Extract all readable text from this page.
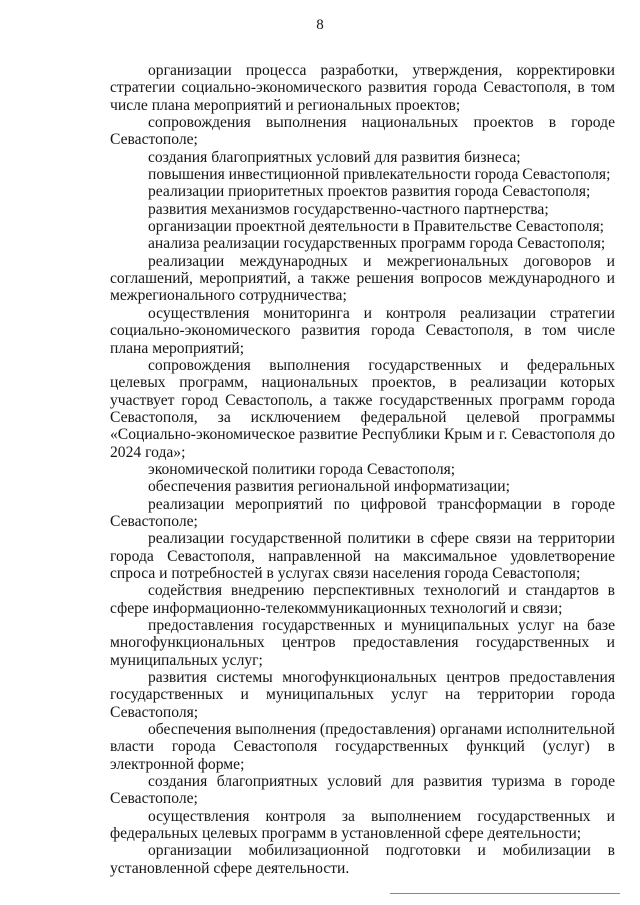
8

организации процесса разработки, утверждения, корректировки стратегии социально-экономического развития города Севастополя, в том числе плана мероприятий и региональных проектов;

сопровождения выполнения национальных проектов в городе Севастополе;

создания благоприятных условий для развития бизнеса;

повышения инвестиционной привлекательности города Севастополя;

реализации приоритетных проектов развития города Севастополя;

развития механизмов государственно-частного партнерства;

организации проектной деятельности в Правительстве Севастополя;

анализа реализации государственных программ города Севастополя;

реализации международных и межрегиональных договоров и соглашений, мероприятий, а также решения вопросов международного и межрегионального сотрудничества;

осуществления мониторинга и контроля реализации стратегии социально-экономического развития города Севастополя, в том числе плана мероприятий;

сопровождения выполнения государственных и федеральных целевых программ, национальных проектов, в реализации которых участвует город Севастополь, а также государственных программ города Севастополя, за исключением федеральной целевой программы «Социально-экономическое развитие Республики Крым и г. Севастополя до 2024 года»;

экономической политики города Севастополя;

обеспечения развития региональной информатизации;

реализации мероприятий по цифровой трансформации в городе Севастополе;

реализации государственной политики в сфере связи на территории города Севастополя, направленной на максимальное удовлетворение спроса и потребностей в услугах связи населения города Севастополя;

содействия внедрению перспективных технологий и стандартов в сфере информационно-телекоммуникационных технологий и связи;

предоставления государственных и муниципальных услуг на базе многофункциональных центров предоставления государственных и муниципальных услуг;

развития системы многофункциональных центров предоставления государственных и муниципальных услуг на территории города Севастополя;

обеспечения выполнения (предоставления) органами исполнительной власти города Севастополя государственных функций (услуг) в электронной форме;

создания благоприятных условий для развития туризма в городе Севастополе;

осуществления контроля за выполнением государственных и федеральных целевых программ в установленной сфере деятельности;

организации мобилизационной подготовки и мобилизации в установленной сфере деятельности.
